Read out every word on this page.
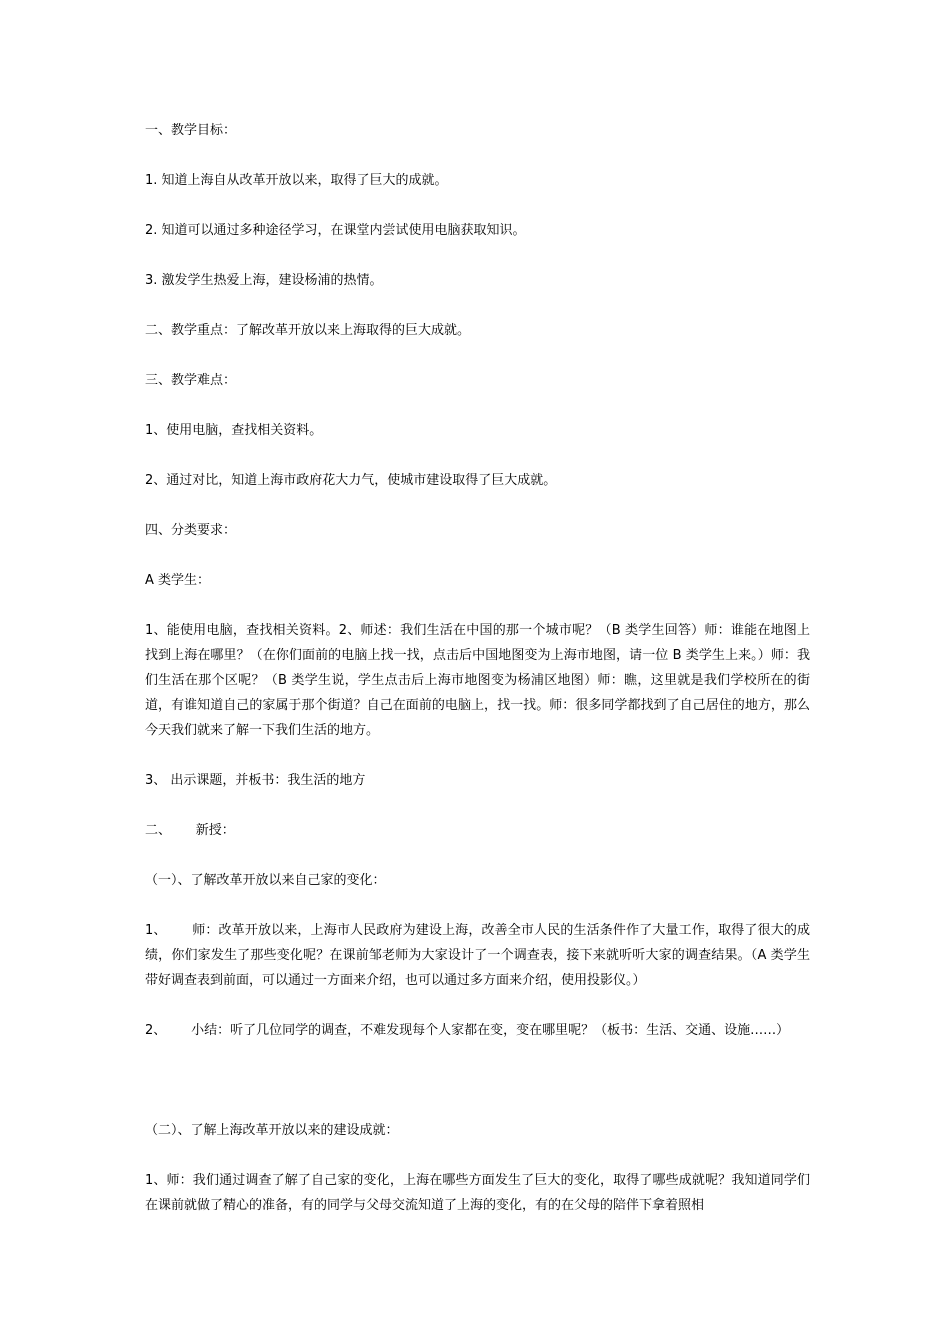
一、教学目标：

1. 知道上海自从改革开放以来，取得了巨大的成就。

2. 知道可以通过多种途径学习，在课堂内尝试使用电脑获取知识。

3. 激发学生热爱上海，建设杨浦的热情。

二、教学重点：了解改革开放以来上海取得的巨大成就。

三、教学难点：

1、使用电脑，查找相关资料。

2、通过对比，知道上海市政府花大力气，使城市建设取得了巨大成就。

四、分类要求：

A 类学生：

1、能使用电脑，查找相关资料。2、师述：我们生活在中国的那一个城市呢？（B 类学生回答）师：谁能在地图上找到上海在哪里？（在你们面前的电脑上找一找，点击后中国地图变为上海市地图，请一位 B 类学生上来。）师：我们生活在那个区呢？（B 类学生说，学生点击后上海市地图变为杨浦区地图）师：瞧，这里就是我们学校所在的街道，有谁知道自己的家属于那个街道？自己在面前的电脑上，找一找。师：很多同学都找到了自己居住的地方，那么今天我们就来了解一下我们生活的地方。

3、 出示课题，并板书：我生活的地方

二、      新授：

（一）、了解改革开放以来自己家的变化：

1、      师：改革开放以来，上海市人民政府为建设上海，改善全市人民的生活条件作了大量工作，取得了很大的成绩，你们家发生了那些变化呢？在课前邹老师为大家设计了一个调查表，接下来就听听大家的调查结果。（A 类学生带好调查表到前面，可以通过一方面来介绍，也可以通过多方面来介绍，使用投影仪。）

2、      小结：听了几位同学的调查，不难发现每个人家都在变，变在哪里呢？（板书：生活、交通、设施……）

（二）、了解上海改革开放以来的建设成就：

1、师：我们通过调查了解了自己家的变化，上海在哪些方面发生了巨大的变化，取得了哪些成就呢？我知道同学们在课前就做了精心的准备，有的同学与父母交流知道了上海的变化，有的在父母的陪伴下拿着照相
